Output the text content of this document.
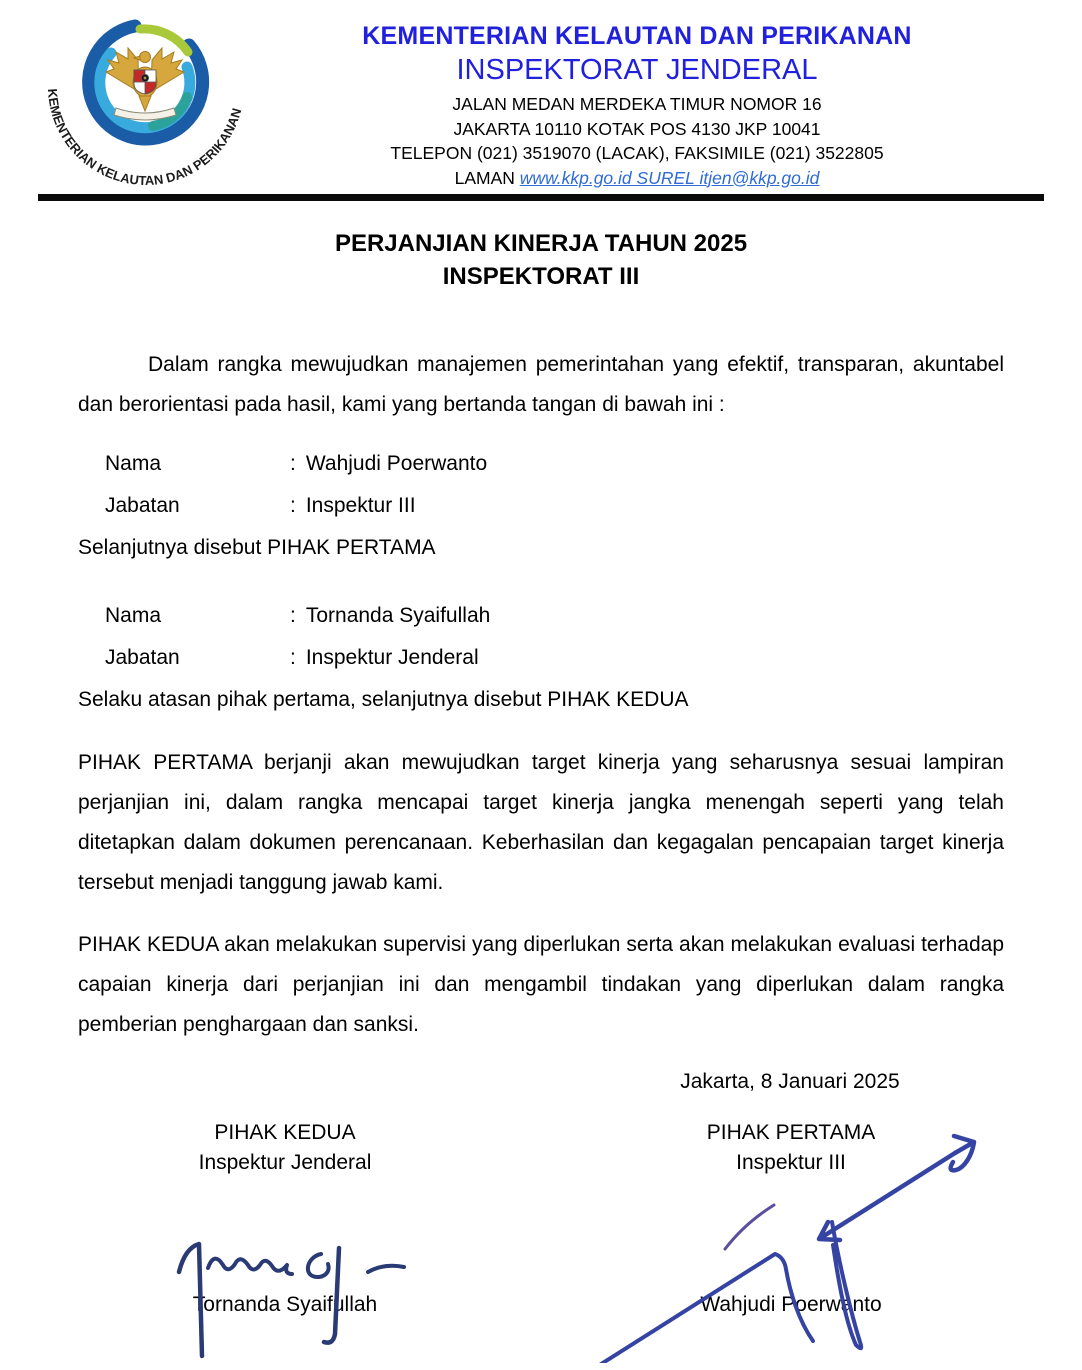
KEMENTERIAN KELAUTAN DAN PERIKANAN
KEMENTERIAN KELAUTAN DAN PERIKANAN
INSPEKTORAT JENDERAL
JALAN MEDAN MERDEKA TIMUR NOMOR 16
JAKARTA 10110 KOTAK POS 4130 JKP 10041
TELEPON (021) 3519070 (LACAK), FAKSIMILE (021) 3522805
LAMAN www.kkp.go.id SUREL itjen@kkp.go.id
PERJANJIAN KINERJA TAHUN 2025
INSPEKTORAT III

Dalam rangka mewujudkan manajemen pemerintahan yang efektif, transparan, akuntabel dan berorientasi pada hasil, kami yang bertanda tangan di bawah ini :

Nama	: Wahjudi Poerwanto
Jabatan	: Inspektur III
Selanjutnya disebut PIHAK PERTAMA
Nama	: Tornanda Syaifullah
Jabatan	: Inspektur Jenderal
Selaku atasan pihak pertama, selanjutnya disebut PIHAK KEDUA

PIHAK PERTAMA berjanji akan mewujudkan target kinerja yang seharusnya sesuai lampiran perjanjian ini, dalam rangka mencapai target kinerja jangka menengah seperti yang telah ditetapkan dalam dokumen perencanaan. Keberhasilan dan kegagalan pencapaian target kinerja tersebut menjadi tanggung jawab kami.

PIHAK KEDUA akan melakukan supervisi yang diperlukan serta akan melakukan evaluasi terhadap capaian kinerja dari perjanjian ini dan mengambil tindakan yang diperlukan dalam rangka pemberian penghargaan dan sanksi.

Jakarta, 8 Januari 2025
PIHAK KEDUA
Inspektur Jenderal
PIHAK PERTAMA
Inspektur III
Tornanda Syaifullah	Wahjudi Poerwanto
